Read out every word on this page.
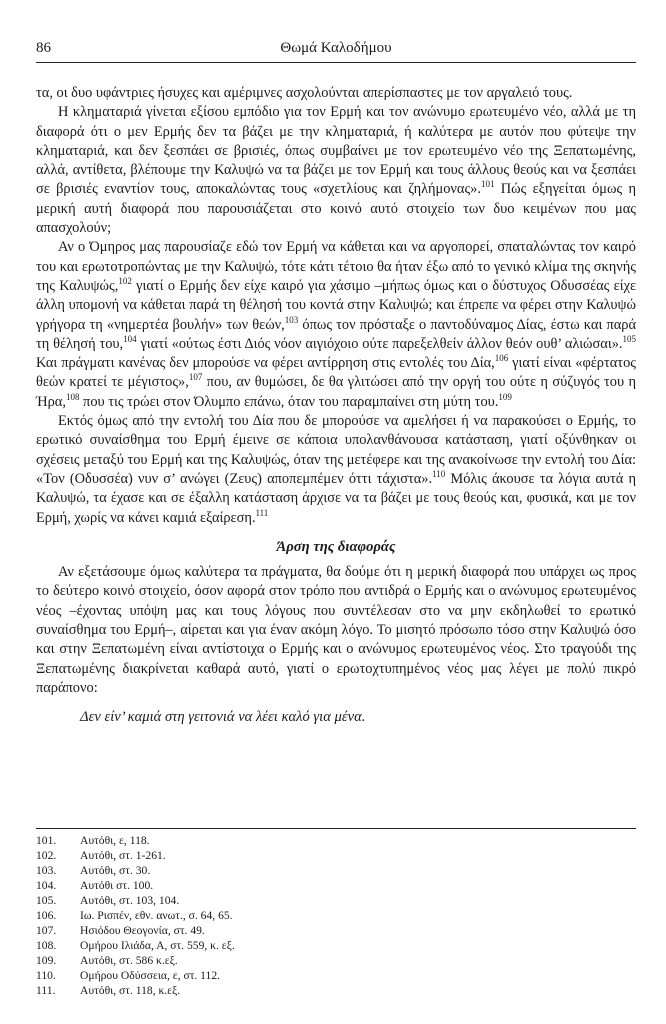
86	Θωμά Καλοδήμου

τα, οι δυο υφάντριες ήσυχες και αμέριμνες ασχολούνται απερίσπαστες με τον αργαλειό τους.

Η κληματαριά γίνεται εξίσου εμπόδιο για τον Ερμή και τον ανώνυμο ερωτευμένο νέο, αλλά με τη διαφορά ότι ο μεν Ερμής δεν τα βάζει με την κληματαριά, ή καλύτερα με αυτόν που φύτεψε την κληματαριά, και δεν ξεσπάει σε βρισιές, όπως συμβαίνει με τον ερωτευμένο νέο της Ξεπατωμένης, αλλά, αντίθετα, βλέπουμε την Καλυψώ να τα βάζει με τον Ερμή και τους άλλους θεούς και να ξεσπάει σε βρισιές εναντίον τους, αποκαλώντας τους «σχετλίους και ζηλήμονας».$^{101}$ Πώς εξηγείται όμως η μερική αυτή διαφορά που παρουσιάζεται στο κοινό αυτό στοιχείο των δυο κειμένων που μας απασχολούν;

Αν ο Όμηρος μας παρουσίαζε εδώ τον Ερμή να κάθεται και να αργοπορεί, σπαταλώντας τον καιρό του και ερωτοτροπώντας με την Καλυψώ, τότε κάτι τέτοιο θα ήταν έξω από το γενικό κλίμα της σκηνής της Καλυψώς,$^{102}$ γιατί ο Ερμής δεν είχε καιρό για χάσιμο –μήπως όμως και ο δύστυχος Οδυσσέας είχε άλλη υπομονή να κάθεται παρά τη θέλησή του κοντά στην Καλυψώ; και έπρεπε να φέρει στην Καλυψώ γρήγορα τη «νημερτέα βουλήν» των θεών,$^{103}$ όπως τον πρόσταξε ο παντοδύναμος Δίας, έστω και παρά τη θέλησή του,$^{104}$ γιατί «ούτως έστι Διός νόον αιγιόχοιο ούτε παρεξελθείν άλλον θεόν ουθ’ αλιώσαι».$^{105}$ Και πράγματι κανένας δεν μπορούσε να φέρει αντίρρηση στις εντολές του Δία,$^{106}$ γιατί είναι «φέρτατος θεών κρατεί τε μέγιστος»,$^{107}$ που, αν θυμώσει, δε θα γλιτώσει από την οργή του ούτε η σύζυγός του η Ήρα,$^{108}$ που τις τρώει στον Όλυμπο επάνω, όταν του παραμπαίνει στη μύτη του.$^{109}$

Εκτός όμως από την εντολή του Δία που δε μπορούσε να αμελήσει ή να παρακούσει ο Ερμής, το ερωτικό συναίσθημα του Ερμή έμεινε σε κάποια υπολανθάνουσα κατάσταση, γιατί οξύνθηκαν οι σχέσεις μεταξύ του Ερμή και της Καλυψώς, όταν της μετέφερε και της ανακοίνωσε την εντολή του Δία: «Τον (Οδυσσέα) νυν σ’ ανώγει (Ζευς) αποπεμπέμεν όττι τάχιστα».$^{110}$ Μόλις άκουσε τα λόγια αυτά η Καλυψώ, τα έχασε και σε έξαλλη κατάσταση άρχισε να τα βάζει με τους θεούς και, φυσικά, και με τον Ερμή, χωρίς να κάνει καμιά εξαίρεση.$^{111}$

Άρση της διαφοράς

Αν εξετάσουμε όμως καλύτερα τα πράγματα, θα δούμε ότι η μερική διαφορά που υπάρχει ως προς το δεύτερο κοινό στοιχείο, όσον αφορά στον τρόπο που αντιδρά ο Ερμής και ο ανώνυμος ερωτευμένος νέος –έχοντας υπόψη μας και τους λόγους που συντέλεσαν στο να μην εκδηλωθεί το ερωτικό συναίσθημα του Ερμή–, αίρεται και για έναν ακόμη λόγο. Το μισητό πρόσωπο τόσο στην Καλυψώ όσο και στην Ξεπατωμένη είναι αντίστοιχα ο Ερμής και ο ανώνυμος ερωτευμένος νέος. Στο τραγούδι της Ξεπατωμένης διακρίνεται καθαρά αυτό, γιατί ο ερωτοχτυπημένος νέος μας λέγει με πολύ πικρό παράπονο:

Δεν είν’ καμιά στη γειτονιά να λέει καλό για μένα.
101.	Αυτόθι, ε, 118.
102.	Αυτόθι, στ. 1-261.
103.	Αυτόθι, στ. 30.
104.	Αυτόθι στ. 100.
105.	Αυτόθι, στ. 103, 104.
106.	Ιω. Ρισπέν, εθν. ανωτ., σ. 64, 65.
107.	Ησιόδου Θεογονία, στ. 49.
108.	Ομήρου Ιλιάδα, Α, στ. 559, κ. εξ.
109.	Αυτόθι, στ. 586 κ.εξ.
110.	Ομήρου Οδύσσεια, ε, στ. 112.
111.	Αυτόθι, στ. 118, κ.εξ.
